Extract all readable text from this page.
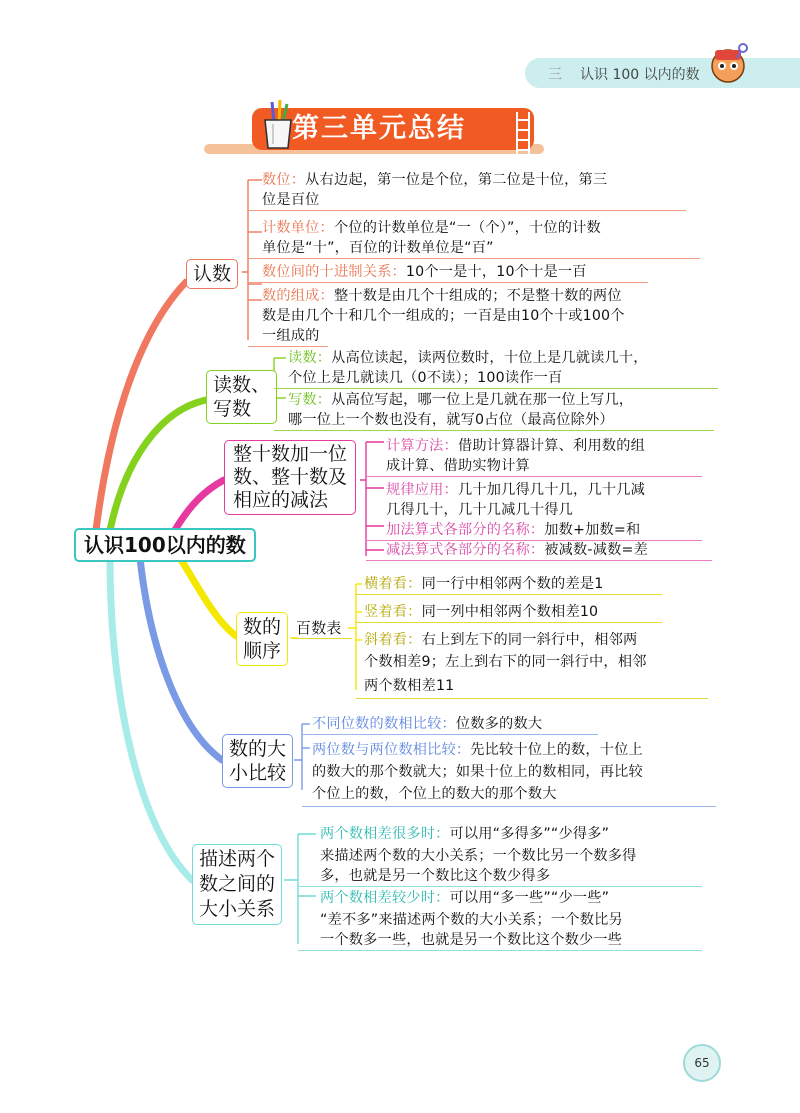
三 认识 100 以内的数
第三单元总结
认识100以内的数
认数
数位：从右边起，第一位是个位，第二位是十位，第三
位是百位
计数单位：个位的计数单位是“一（个）”，十位的计数
单位是“十”，百位的计数单位是“百”
数位间的十进制关系：10个一是十，10个十是一百
数的组成：整十数是由几个十组成的；不是整十数的两位
数是由几个十和几个一组成的；一百是由10个十或100个
一组成的
读数、
写数
读数：从高位读起，读两位数时，十位上是几就读几十，
个位上是几就读几（0不读）；100读作一百
写数：从高位写起，哪一位上是几就在那一位上写几，
哪一位上一个数也没有，就写0占位（最高位除外）
整十数加一位
数、整十数及
相应的减法
计算方法：借助计算器计算、利用数的组
成计算、借助实物计算
规律应用：几十加几得几十几，几十几减
几得几十，几十几减几十得几
加法算式各部分的名称：加数+加数=和
减法算式各部分的名称：被减数-减数=差
数的
顺序
百数表
横着看：同一行中相邻两个数的差是1
竖着看：同一列中相邻两个数相差10
斜着看：右上到左下的同一斜行中，相邻两
个数相差9；左上到右下的同一斜行中，相邻
两个数相差11
数的大
小比较
不同位数的数相比较：位数多的数大
两位数与两位数相比较：先比较十位上的数，十位上
的数大的那个数就大；如果十位上的数相同，再比较
个位上的数，个位上的数大的那个数大
描述两个
数之间的
大小关系
两个数相差很多时：可以用“多得多”“少得多”
来描述两个数的大小关系；一个数比另一个数多得
多，也就是另一个数比这个数少得多
两个数相差较少时：可以用“多一些”“少一些”
“差不多”来描述两个数的大小关系；一个数比另
一个数多一些，也就是另一个数比这个数少一些
65
